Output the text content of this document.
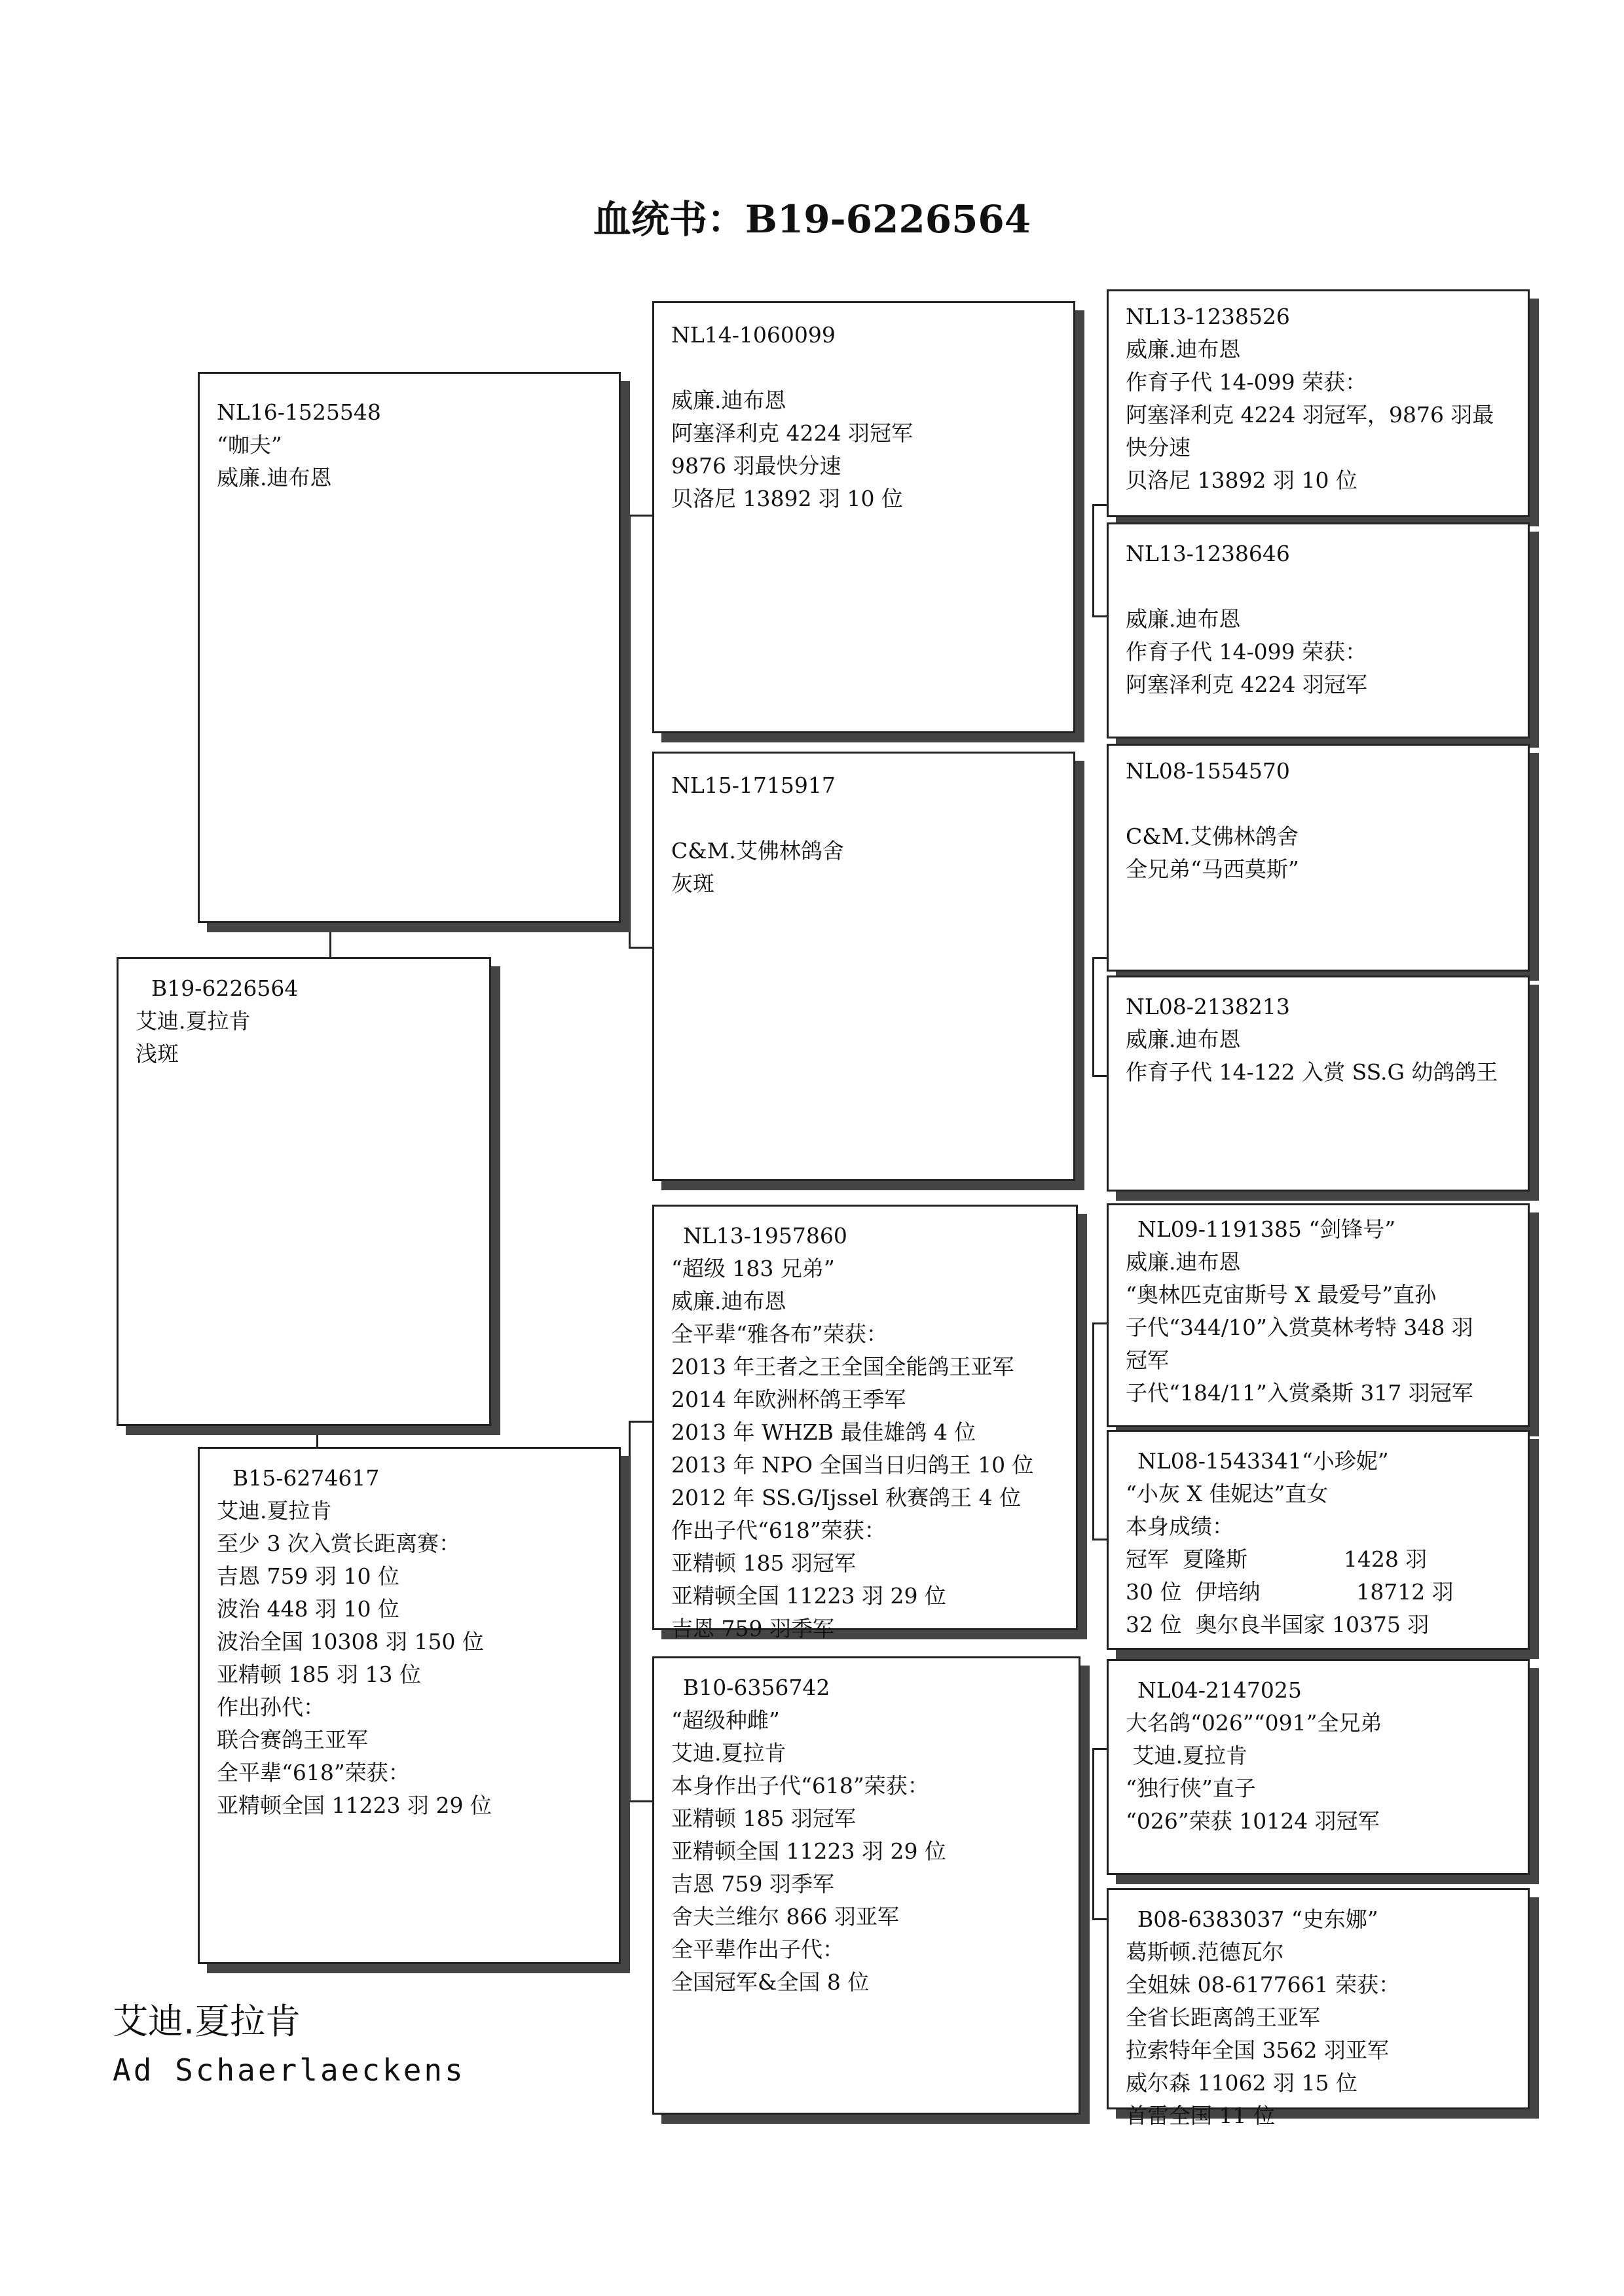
血统书：B19-6226564
B19-6226564
艾迪.夏拉肯
浅斑
NL16-1525548
“咖夫”
威廉.迪布恩
B15-6274617
艾迪.夏拉肯
至少 3 次入赏长距离赛：
吉恩 759 羽 10 位
波治 448 羽 10 位
波治全国 10308 羽 150 位
亚精顿 185 羽 13 位
作出孙代：
联合赛鸽王亚军
全平辈“618”荣获：
亚精顿全国 11223 羽 29 位
NL14-1060099
威廉.迪布恩
阿塞泽利克 4224 羽冠军
9876 羽最快分速
贝洛尼 13892 羽 10 位
NL15-1715917
C&M.艾佛林鸽舍
灰斑
NL13-1957860
“超级 183 兄弟”
威廉.迪布恩
全平辈“雅各布”荣获：
2013 年王者之王全国全能鸽王亚军
2014 年欧洲杯鸽王季军
2013 年 WHZB 最佳雄鸽 4 位
2013 年 NPO 全国当日归鸽王 10 位
2012 年 SS.G/Ijssel 秋赛鸽王 4 位
作出子代“618”荣获：
亚精顿 185 羽冠军
亚精顿全国 11223 羽 29 位
吉恩 759 羽季军
B10-6356742
“超级种雌”
艾迪.夏拉肯
本身作出子代“618”荣获：
亚精顿 185 羽冠军
亚精顿全国 11223 羽 29 位
吉恩 759 羽季军
舍夫兰维尔 866 羽亚军
全平辈作出子代：
全国冠军&全国 8 位
NL13-1238526
威廉.迪布恩
作育子代 14-099 荣获：
阿塞泽利克 4224 羽冠军，9876 羽最
快分速
贝洛尼 13892 羽 10 位
NL13-1238646
威廉.迪布恩
作育子代 14-099 荣获：
阿塞泽利克 4224 羽冠军
NL08-1554570
C&M.艾佛林鸽舍
全兄弟“马西莫斯”
NL08-2138213
威廉.迪布恩
作育子代 14-122 入赏 SS.G 幼鸽鸽王
NL09-1191385 “剑锋号”
威廉.迪布恩
“奥林匹克宙斯号 X 最爱号”直孙
子代“344/10”入赏莫林考特 348 羽
冠军
子代“184/11”入赏桑斯 317 羽冠军
NL08-1543341“小珍妮”
“小灰 X 佳妮达”直女
本身成绩：
冠军  夏隆斯              1428 羽
30 位  伊培纳              18712 羽
32 位  奥尔良半国家 10375 羽
NL04-2147025
大名鸽“026”“091”全兄弟
艾迪.夏拉肯
“独行侠”直子
“026”荣获 10124 羽冠军
B08-6383037 “史东娜”
葛斯顿.范德瓦尔
全姐妹 08-6177661 荣获：
全省长距离鸽王亚军
拉索特年全国 3562 羽亚军
威尔森 11062 羽 15 位
首雷全国 11 位
艾迪.夏拉肯
Ad Schaerlaeckens
